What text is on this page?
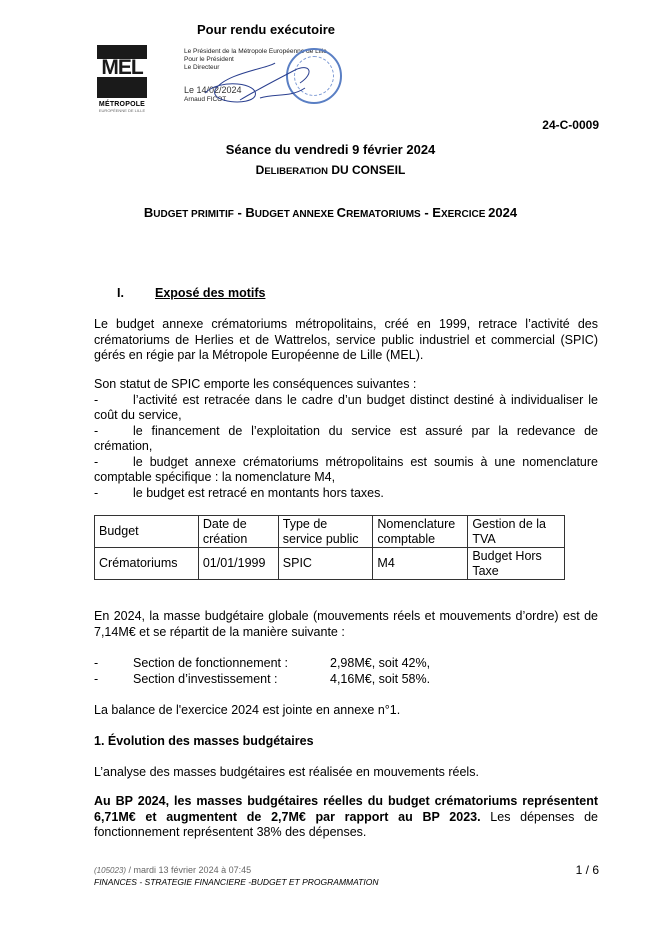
Pour rendu exécutoire
MEL
MÉTROPOLE
EUROPÉENNE DE LILLE
Le Président de la Métropole Européenne de Lille
Pour le Président
Le Directeur
Le 14/02/2024
Arnaud FICOT
24-C-0009
Séance du vendredi 9 février 2024
DELIBERATION DU CONSEIL
BUDGET PRIMITIF - BUDGET ANNEXE CREMATORIUMS - EXERCICE 2024
I. Exposé des motifs
Le budget annexe crématoriums métropolitains, créé en 1999, retrace l’activité des crématoriums de Herlies et de Wattrelos, service public industriel et commercial (SPIC) gérés en régie par la Métropole Européenne de Lille (MEL).
Son statut de SPIC emporte les conséquences suivantes :
-	l’activité est retracée dans le cadre d’un budget distinct destiné à individualiser le coût du service,
-	le financement de l’exploitation du service est assuré par la redevance de crémation,
-	le budget annexe crématoriums métropolitains est soumis à une nomenclature comptable spécifique : la nomenclature M4,
-	le budget est retracé en montants hors taxes.
Budget	Date de création	Type de service public	Nomenclature comptable	Gestion de la TVA
Crématoriums	01/01/1999	SPIC	M4	Budget Hors Taxe
En 2024, la masse budgétaire globale (mouvements réels et mouvements d’ordre) est de 7,14M€ et se répartit de la manière suivante :
-	Section de fonctionnement :	2,98M€, soit 42%,
-	Section d’investissement :	4,16M€, soit 58%.
La balance de l'exercice 2024 est jointe en annexe n°1.
1. Évolution des masses budgétaires
L’analyse des masses budgétaires est réalisée en mouvements réels.
Au BP 2024, les masses budgétaires réelles du budget crématoriums représentent 6,71M€ et augmentent de 2,7M€ par rapport au BP 2023. Les dépenses de fonctionnement représentent 38% des dépenses.
(105023) / mardi 13 février 2024 à 07:45
FINANCES - STRATEGIE FINANCIERE -BUDGET ET PROGRAMMATION
1 / 6
